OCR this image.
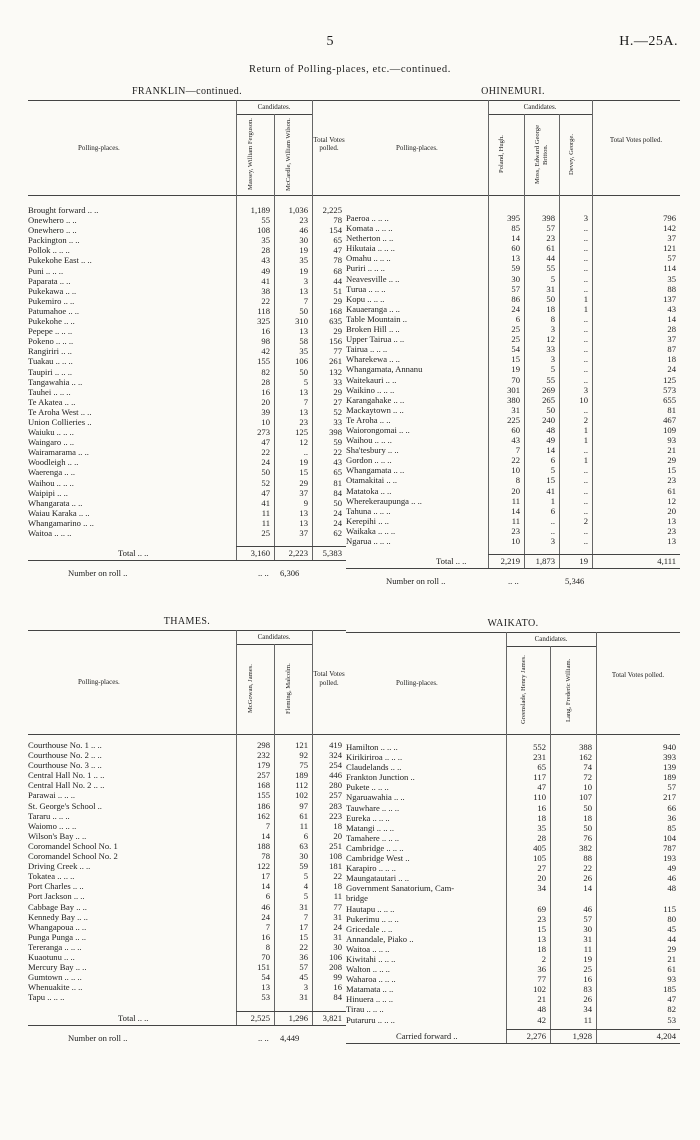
5	H.—25A.
Return of Polling-places, etc.—continued.
FRANKLIN—continued.
Candidates.
Polling-places.
Total Votes polled.
Massey, William Ferguson.	McCardle, William Wilson.
Brought forward .. ..	1,189	1,036	2,225
Onewhero .. ..	55	23	78
Onewhero .. ..	108	46	154
Packington .. ..	35	30	65
Pollok .. .. ..	28	19	47
Pukekohe East .. ..	43	35	78
Puni .. .. ..	49	19	68
Paparata .. ..	41	3	44
Pukekawa .. ..	38	13	51
Pukemiro .. ..	22	7	29
Patumahoe .. ..	118	50	168
Pukekohe .. ..	325	310	635
Pepepe .. .. ..	16	13	29
Pokeno .. .. ..	98	58	156
Rangiriri .. ..	42	35	77
Tuakau .. .. ..	155	106	261
Taupiri .. .. ..	82	50	132
Tangawahia .. ..	28	5	33
Tauhei .. .. ..	16	13	29
Te Akatea .. ..	20	7	27
Te Aroha West .. ..	39	13	52
Union Collieries ..	10	23	33
Waiuku .. .. ..	273	125	398
Waingaro .. ..	47	12	59
Wairamarama .. ..	22	..	22
Woodleigh .. ..	24	19	43
Waerenga .. ..	50	15	65
Waihou .. .. ..	52	29	81
Waipipi .. ..	47	37	84
Whangarata .. ..	41	9	50
Waiau Karaka .. ..	11	13	24
Whangamarino .. ..	11	13	24
Waitoa .. .. ..	25	37	62
Total .. ..	3,160	2,223	5,383
Number on roll ..	.. .. 6,306
OHINEMURI.
Candidates.
Polling-places.
Total Votes polled.
Poland, Hugh.	Moss, Edward George Britton.	Devey, George.
Paeroa .. .. ..	395	398	3	796
Komata .. .. ..	85	57	..	142
Netherton .. ..	14	23	..	37
Hikutaia .. .. ..	60	61	..	121
Omahu .. .. ..	13	44	..	57
Puriri .. .. ..	59	55	..	114
Neavesville .. ..	30	5	..	35
Turua .. .. ..	57	31	..	88
Kopu .. .. ..	86	50	1	137
Kauaeranga .. ..	24	18	1	43
Table Mountain ..	6	8	..	14
Broken Hill .. ..	25	3	..	28
Upper Tairua .. ..	25	12	..	37
Tairua .. .. ..	54	33	..	87
Wharekewa .. ..	15	3	..	18
Whangamata, Annanu	19	5	..	24
Waitekauri .. ..	70	55	..	125
Waikino .. .. ..	301	269	3	573
Karangahake .. ..	380	265	10	655
Mackaytown .. ..	31	50	..	81
Te Aroha .. ..	225	240	2	467
Waiorongomai .. ..	60	48	1	109
Waihou .. .. ..	43	49	1	93
Sha'tesbury .. ..	7	14	..	21
Gordon .. .. ..	22	6	1	29
Whangamata .. ..	10	5	..	15
Otamakitai .. ..	8	15	..	23
Matatoka .. ..	20	41	..	61
Wherekeraupunga .. ..	11	1	..	12
Tahuna .. .. ..	14	6	..	20
Kerepihi .. ..	11	..	2	13
Waikaka .. .. ..	23	..	..	23
Ngarua .. .. ..	10	3	..	13
Total .. ..	2,219	1,873	19	4,111
Number on roll ..	.. ..	5,346
THAMES.
Candidates.
Polling-places.
Total Votes polled.
McGowan, James.	Fleming, Malcolm.
Courthouse No. 1 .. ..	298	121	419
Courthouse No. 2 .. ..	232	92	324
Courthouse No. 3 .. ..	179	75	254
Central Hall No. 1 .. ..	257	189	446
Central Hall No. 2 .. ..	168	112	280
Parawai .. .. ..	155	102	257
St. George's School ..	186	97	283
Tararu .. .. ..	162	61	223
Waiomo .. .. ..	7	11	18
Wilson's Bay .. ..	14	6	20
Coromandel School No. 1	188	63	251
Coromandel School No. 2	78	30	108
Driving Creek .. ..	122	59	181
Tokatea .. .. ..	17	5	22
Port Charles .. ..	14	4	18
Port Jackson .. ..	6	5	11
Cabbage Bay .. ..	46	31	77
Kennedy Bay .. ..	24	7	31
Whangapoua .. ..	7	17	24
Punga Punga .. ..	16	15	31
Tereranga .. .. ..	8	22	30
Kuaotunu .. ..	70	36	106
Mercury Bay .. ..	151	57	208
Gumtown .. .. ..	54	45	99
Whenuakite .. ..	13	3	16
Tapu .. .. ..	53	31	84
Total .. ..	2,525	1,296	3,821
Number on roll ..	.. .. 4,449
WAIKATO.
Candidates.
Polling-places.
Total Votes polled.
Greenslade, Henry James.	Lang, Frederic William.
Hamilton .. .. ..	552	388	940
Kirikiriroa .. .. ..	231	162	393
Claudelands .. ..	65	74	139
Frankton Junction ..	117	72	189
Pukete .. .. ..	47	10	57
Ngaruawahia .. ..	110	107	217
Tauwhare .. .. ..	16	50	66
Eureka .. .. ..	18	18	36
Matangi .. .. ..	35	50	85
Tamahere .. .. ..	28	76	104
Cambridge .. .. ..	405	382	787
Cambridge West ..	105	88	193
Karapiro .. .. ..	27	22	49
Maungatautari .. ..	20	26	46
Government Sanatorium, Cam-	34	14	48
bridge
Hautapu .. .. ..	69	46	115
Pukerimu .. .. ..	23	57	80
Gricedale .. ..	15	30	45
Annandale, Piako ..	13	31	44
Waitoa .. .. ..	18	11	29
Kiwitahi .. .. ..	2	19	21
Walton .. .. ..	36	25	61
Waharoa .. .. ..	77	16	93
Matamata .. ..	102	83	185
Hinuera .. .. ..	21	26	47
Tirau .. .. ..	48	34	82
Putaruru .. .. ..	42	11	53
Carried forward ..	2,276	1,928	4,204
